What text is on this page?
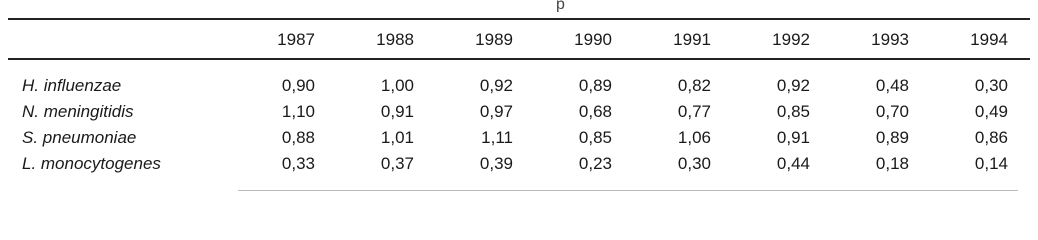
p
	1987	1988	1989	1990	1991	1992	1993	1994
H. influenzae	0,90	1,00	0,92	0,89	0,82	0,92	0,48	0,30
N. meningitidis	1,10	0,91	0,97	0,68	0,77	0,85	0,70	0,49
S. pneumoniae	0,88	1,01	1,11	0,85	1,06	0,91	0,89	0,86
L. monocytogenes	0,33	0,37	0,39	0,23	0,30	0,44	0,18	0,14
